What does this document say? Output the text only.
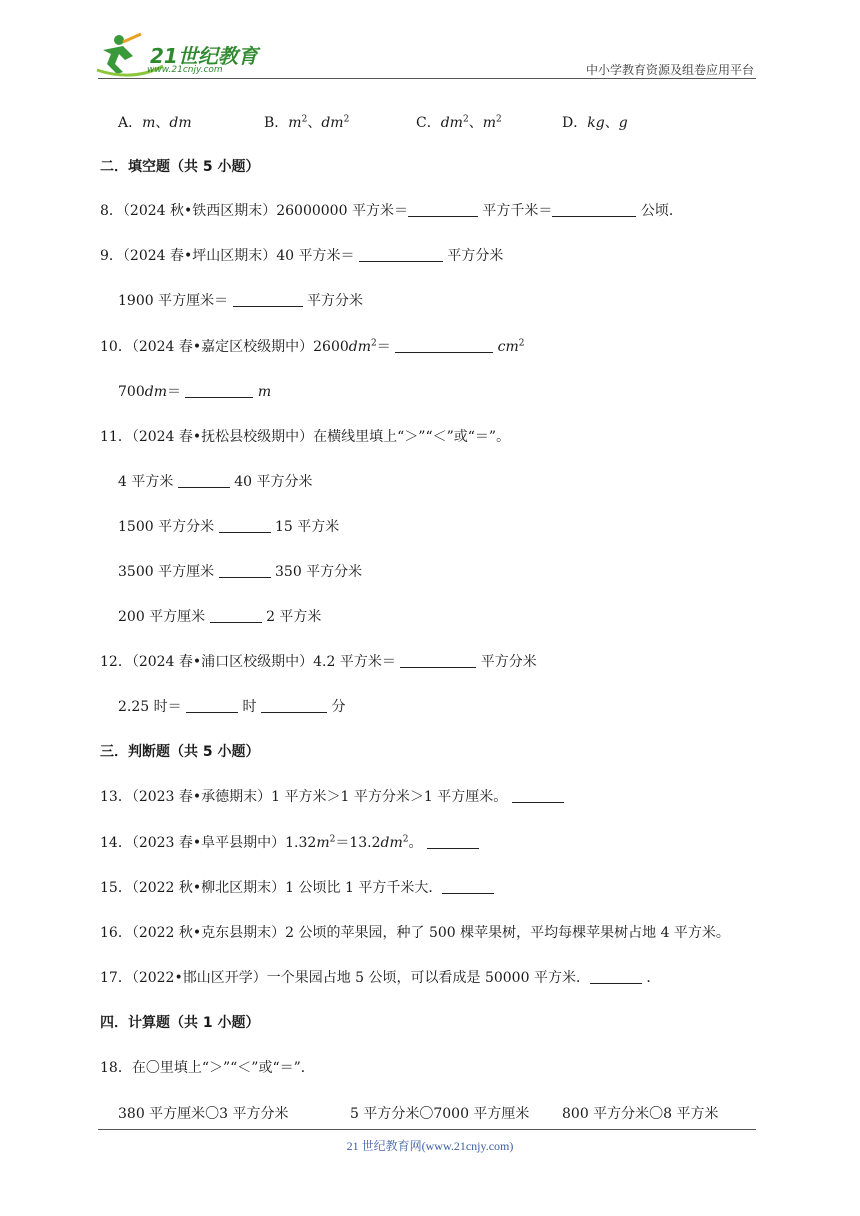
21世纪教育
www.21cnjy.com	中小学教育资源及组卷应用平台
A．m、dm	B．$m^2$、$dm^2$	C．$dm^2$、$m^2$	D．kg、g
二．填空题（共 5 小题）
8．（2024 秋•铁西区期末）26000000 平方米＝	平方千米＝	公顷．
9．（2024 春•坪山区期末）40 平方米＝	平方分米
1900 平方厘米＝	平方分米
10．（2024 春•嘉定区校级期中）$2600dm^2=$	$cm^2$
700dm＝	m
11．（2024 春•抚松县校级期中）在横线里填上“＞”“＜”或“＝”。
4 平方米	40 平方分米
1500 平方分米	15 平方米
3500 平方厘米	350 平方分米
200 平方厘米	2 平方米
12．（2024 春•浦口区校级期中）4.2 平方米＝	平方分米
2.25 时＝	时	分
三．判断题（共 5 小题）
13．（2023 春•承德期末）1 平方米＞1 平方分米＞1 平方厘米。
14．（2023 春•阜平县期中）$1.32m^2=13.2dm^2$。
15．（2022 秋•柳北区期末）1 公顷比 1 平方千米大．
16．（2022 秋•克东县期末）2 公顷的苹果园，种了 500 棵苹果树，平均每棵苹果树占地 4 平方米。
17．（2022•邯山区开学）一个果园占地 5 公顷，可以看成是 50000 平方米．	．
四．计算题（共 1 小题）
18．在〇里填上“＞”“＜”或“＝”．
380 平方厘米〇3 平方分米	5 平方分米〇7000 平方厘米 800 平方分米〇8 平方米
21 世纪教育网(www.21cnjy.com)
